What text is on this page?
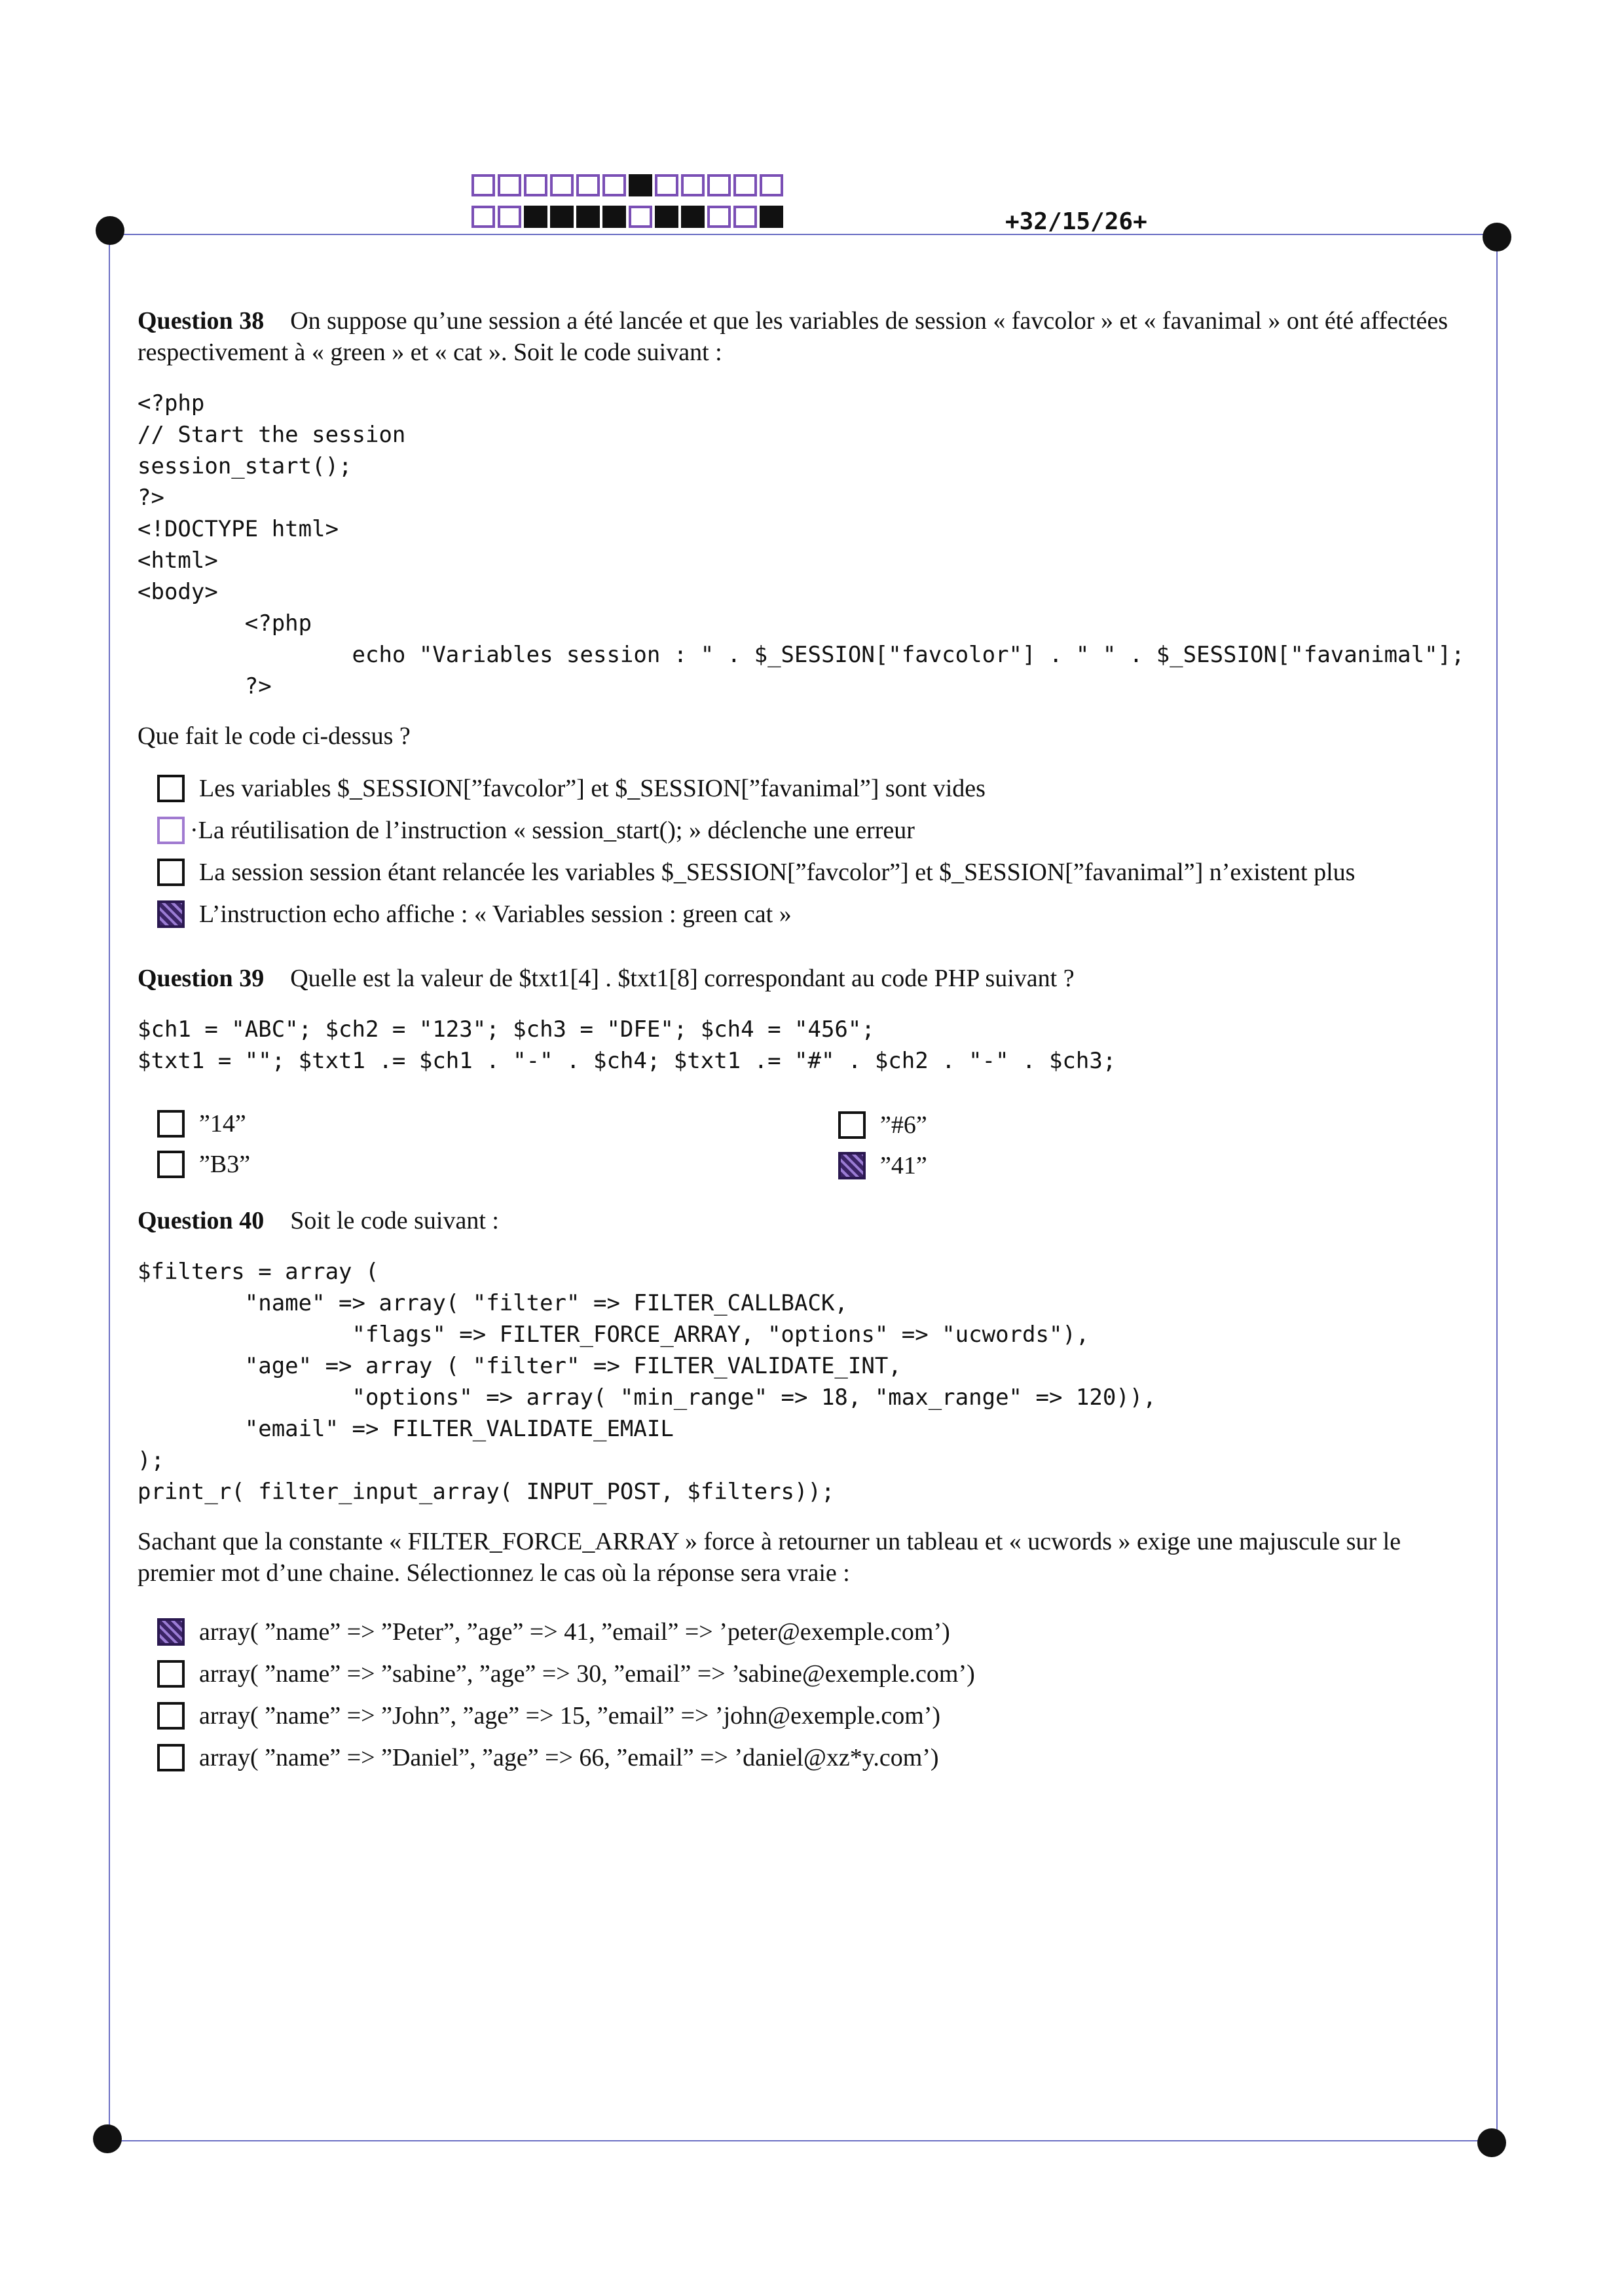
+32/15/26+
Question 38 On suppose qu’une session a été lancée et que les variables de session « favcolor » et « favanimal » ont été affectées respectivement à « green » et « cat ». Soit le code suivant :
<?php
// Start the session
session_start();
?>
<!DOCTYPE html>
<html>
<body>
<?php
echo "Variables session : " . $_SESSION["favcolor"] . " " . $_SESSION["favanimal"];
?>
Que fait le code ci-dessus ?
Les variables $_SESSION[”favcolor”] et $_SESSION[”favanimal”] sont vides
·La réutilisation de l’instruction « session_start(); » déclenche une erreur
La session session étant relancée les variables $_SESSION[”favcolor”] et $_SESSION[”favanimal”] n’existent plus
L’instruction echo affiche : « Variables session : green cat »
Question 39 Quelle est la valeur de $txt1[4] . $txt1[8] correspondant au code PHP suivant ?
$ch1 = "ABC"; $ch2 = "123"; $ch3 = "DFE"; $ch4 = "456";
$txt1 = ""; $txt1 .= $ch1 . "-" . $ch4; $txt1 .= "#" . $ch2 . "-" . $ch3;
”14”
”B3”
”#6”
”41”
Question 40 Soit le code suivant :
$filters = array (
"name" => array( "filter" => FILTER_CALLBACK,
"flags" => FILTER_FORCE_ARRAY, "options" => "ucwords"),
"age" => array ( "filter" => FILTER_VALIDATE_INT,
"options" => array( "min_range" => 18, "max_range" => 120)),
"email" => FILTER_VALIDATE_EMAIL
);
print_r( filter_input_array( INPUT_POST, $filters));
Sachant que la constante « FILTER_FORCE_ARRAY » force à retourner un tableau et « ucwords » exige une majuscule sur le premier mot d’une chaine. Sélectionnez le cas où la réponse sera vraie :
array( ”name” => ”Peter”, ”age” => 41, ”email” => ’peter@exemple.com’)
array( ”name” => ”sabine”, ”age” => 30, ”email” => ’sabine@exemple.com’)
array( ”name” => ”John”, ”age” => 15, ”email” => ’john@exemple.com’)
array( ”name” => ”Daniel”, ”age” => 66, ”email” => ’daniel@xz*y.com’)
